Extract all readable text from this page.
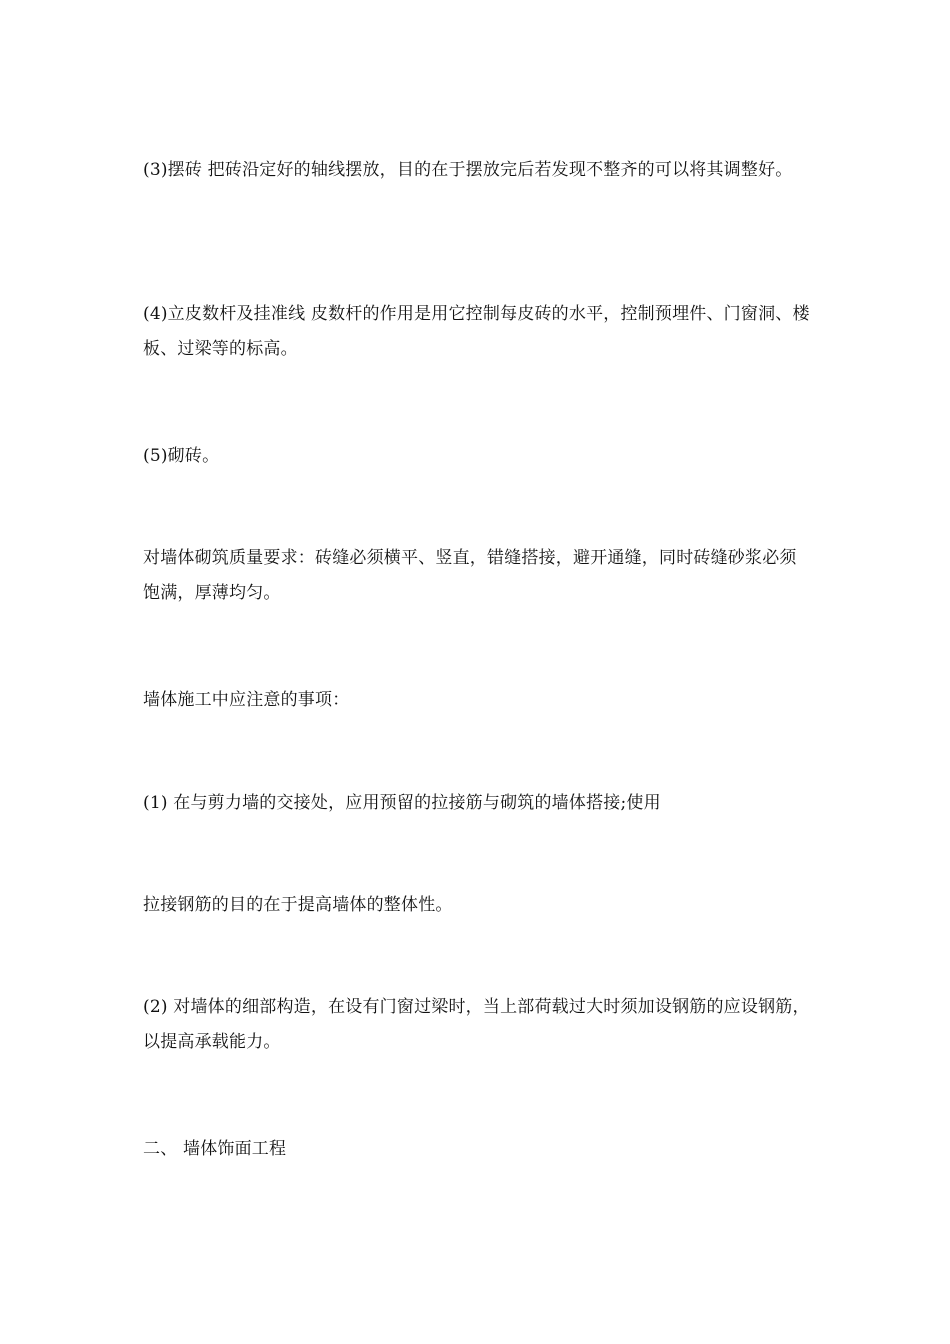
(3)摆砖 把砖沿定好的轴线摆放，目的在于摆放完后若发现不整齐的可以将其调整好。
(4)立皮数杆及挂准线 皮数杆的作用是用它控制每皮砖的水平，控制预埋件、门窗洞、楼板、过梁等的标高。
(5)砌砖。
对墙体砌筑质量要求：砖缝必须横平、竖直，错缝搭接，避开通缝，同时砖缝砂浆必须饱满，厚薄均匀。
墙体施工中应注意的事项：
(1) 在与剪力墙的交接处，应用预留的拉接筋与砌筑的墙体搭接;使用
拉接钢筋的目的在于提高墙体的整体性。
(2) 对墙体的细部构造，在设有门窗过梁时，当上部荷载过大时须加设钢筋的应设钢筋，以提高承载能力。
二、 墙体饰面工程
